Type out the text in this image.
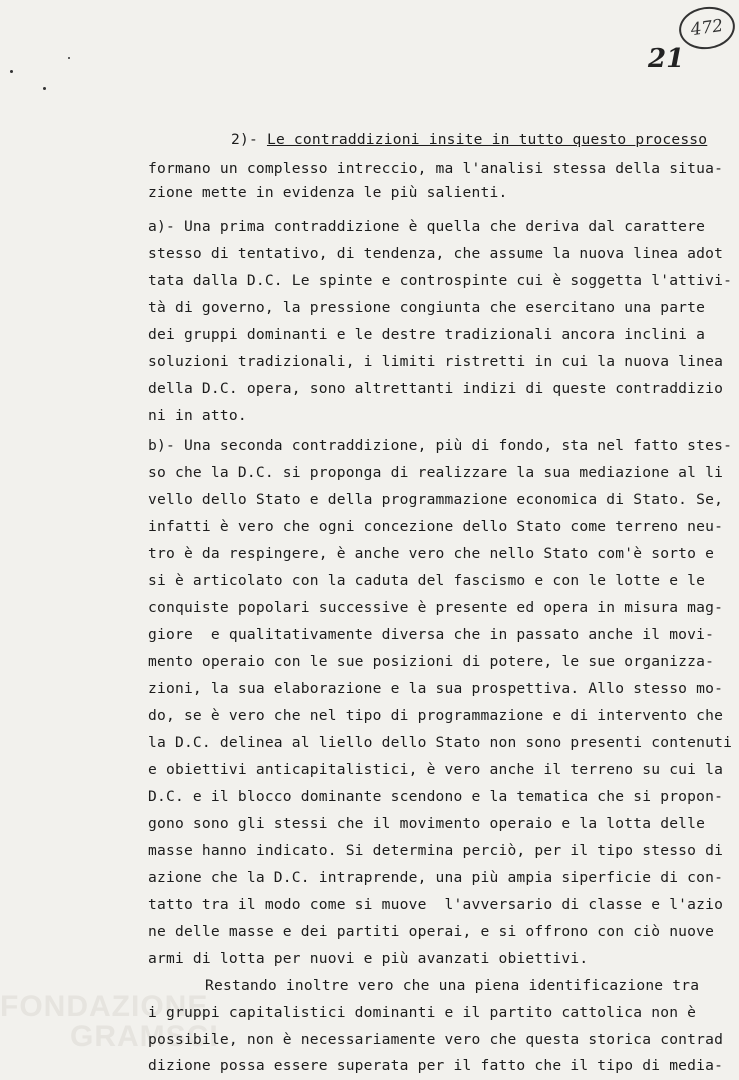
FONDAZIONE
GRAMSCI
472
21
2)- Le contraddizioni insite in tutto questo processo
formano un complesso intreccio, ma l'analisi stessa della situa-
zione mette in evidenza le più salienti.
a)- Una prima contraddizione è quella che deriva dal carattere
stesso di tentativo, di tendenza, che assume la nuova linea adot
tata dalla D.C. Le spinte e controspinte cui è soggetta l'attivi-
tà di governo, la pressione congiunta che esercitano una parte
dei gruppi dominanti e le destre tradizionali ancora inclini a
soluzioni tradizionali, i limiti ristretti in cui la nuova linea
della D.C. opera, sono altrettanti indizi di queste contraddizio
ni in atto.
b)- Una seconda contraddizione, più di fondo, sta nel fatto stes-
so che la D.C. si proponga di realizzare la sua mediazione al li
vello dello Stato e della programmazione economica di Stato. Se,
infatti è vero che ogni concezione dello Stato come terreno neu-
tro è da respingere, è anche vero che nello Stato com'è sorto e
si è articolato con la caduta del fascismo e con le lotte e le
conquiste popolari successive è presente ed opera in misura mag-
giore  e qualitativamente diversa che in passato anche il movi-
mento operaio con le sue posizioni di potere, le sue organizza-
zioni, la sua elaborazione e la sua prospettiva. Allo stesso mo-
do, se è vero che nel tipo di programmazione e di intervento che
la D.C. delinea al liello dello Stato non sono presenti contenuti
e obiettivi anticapitalistici, è vero anche il terreno su cui la
D.C. e il blocco dominante scendono e la tematica che si propon-
gono sono gli stessi che il movimento operaio e la lotta delle
masse hanno indicato. Si determina perciò, per il tipo stesso di
azione che la D.C. intraprende, una più ampia siperficie di con-
tatto tra il modo come si muove  l'avversario di classe e l'azio
ne delle masse e dei partiti operai, e si offrono con ciò nuove
armi di lotta per nuovi e più avanzati obiettivi.
Restando inoltre vero che una piena identificazione tra
i gruppi capitalistici dominanti e il partito cattolica non è
possibile, non è necessariamente vero che questa storica contrad
dizione possa essere superata per il fatto che il tipo di media-
